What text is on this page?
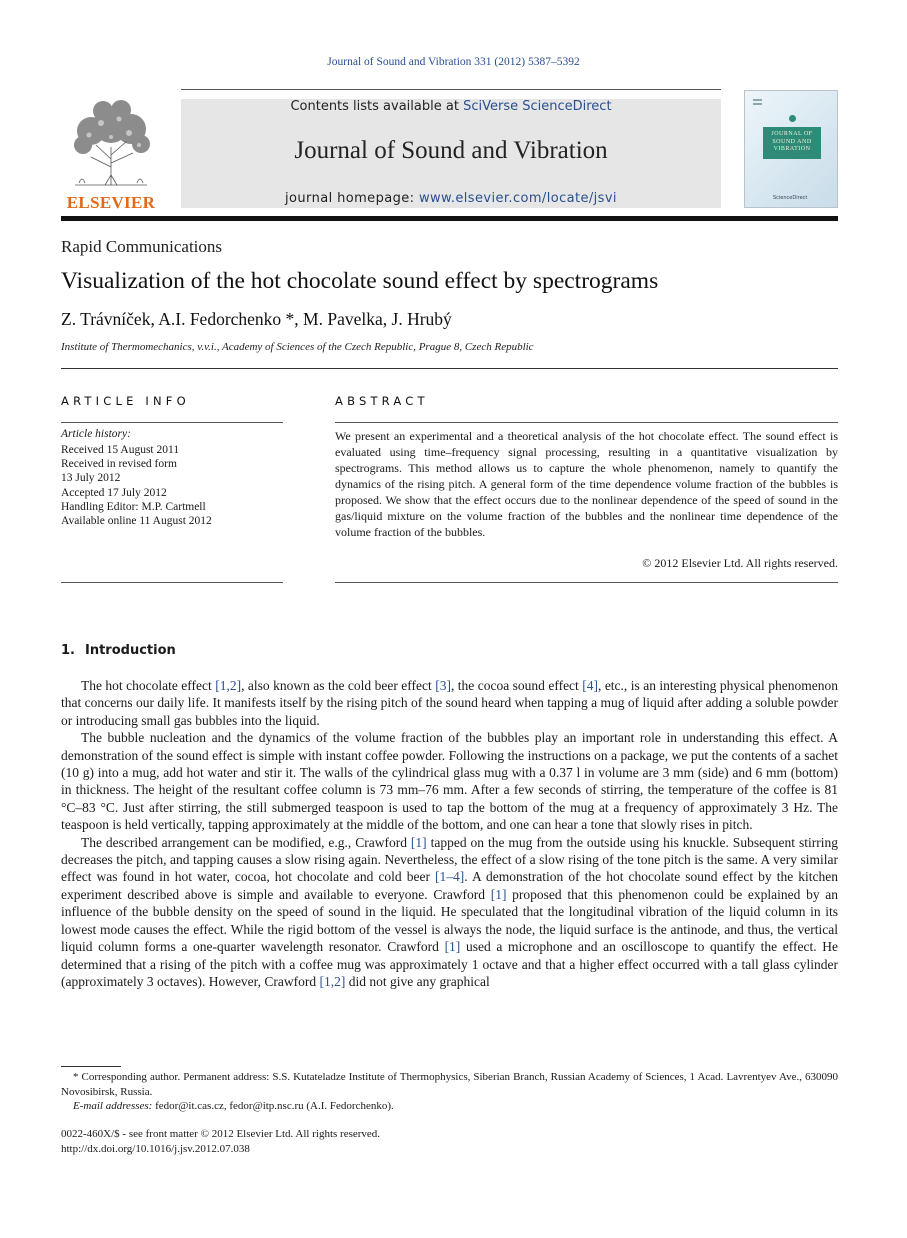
Journal of Sound and Vibration 331 (2012) 5387–5392
ELSEVIER
Contents lists available at SciVerse ScienceDirect
Journal of Sound and Vibration
journal homepage: www.elsevier.com/locate/jsvi
JOURNAL OF
SOUND AND
VIBRATION
ScienceDirect
Rapid Communications
Visualization of the hot chocolate sound effect by spectrograms
Z. Trávníček, A.I. Fedorchenko *, M. Pavelka, J. Hrubý
Institute of Thermomechanics, v.v.i., Academy of Sciences of the Czech Republic, Prague 8, Czech Republic
ARTICLE INFO
Article history:
Received 15 August 2011
Received in revised form
13 July 2012
Accepted 17 July 2012
Handling Editor: M.P. Cartmell
Available online 11 August 2012
ABSTRACT
We present an experimental and a theoretical analysis of the hot chocolate effect. The sound effect is evaluated using time–frequency signal processing, resulting in a quantitative visualization by spectrograms. This method allows us to capture the whole phenomenon, namely to quantify the dynamics of the rising pitch. A general form of the time dependence volume fraction of the bubbles is proposed. We show that the effect occurs due to the nonlinear dependence of the speed of sound in the gas/liquid mixture on the volume fraction of the bubbles and the nonlinear time dependence of the volume fraction of the bubbles.
© 2012 Elsevier Ltd. All rights reserved.
1. Introduction

The hot chocolate effect [1,2], also known as the cold beer effect [3], the cocoa sound effect [4], etc., is an interesting physical phenomenon that concerns our daily life. It manifests itself by the rising pitch of the sound heard when tapping a mug of liquid after adding a soluble powder or introducing small gas bubbles into the liquid.

The bubble nucleation and the dynamics of the volume fraction of the bubbles play an important role in understanding this effect. A demonstration of the sound effect is simple with instant coffee powder. Following the instructions on a package, we put the contents of a sachet (10 g) into a mug, add hot water and stir it. The walls of the cylindrical glass mug with a 0.37 l in volume are 3 mm (side) and 6 mm (bottom) in thickness. The height of the resultant coffee column is 73 mm–76 mm. After a few seconds of stirring, the temperature of the coffee is 81 °C–83 °C. Just after stirring, the still submerged teaspoon is used to tap the bottom of the mug at a frequency of approximately 3 Hz. The teaspoon is held vertically, tapping approximately at the middle of the bottom, and one can hear a tone that slowly rises in pitch.

The described arrangement can be modified, e.g., Crawford [1] tapped on the mug from the outside using his knuckle. Subsequent stirring decreases the pitch, and tapping causes a slow rising again. Nevertheless, the effect of a slow rising of the tone pitch is the same. A very similar effect was found in hot water, cocoa, hot chocolate and cold beer [1–4]. A demonstration of the hot chocolate sound effect by the kitchen experiment described above is simple and available to everyone. Crawford [1] proposed that this phenomenon could be explained by an influence of the bubble density on the speed of sound in the liquid. He speculated that the longitudinal vibration of the liquid column in its lowest mode causes the effect. While the rigid bottom of the vessel is always the node, the liquid surface is the antinode, and thus, the vertical liquid column forms a one-quarter wavelength resonator. Crawford [1] used a microphone and an oscilloscope to quantify the effect. He determined that a rising of the pitch with a coffee mug was approximately 1 octave and that a higher effect occurred with a tall glass cylinder (approximately 3 octaves). However, Crawford [1,2] did not give any graphical

* Corresponding author. Permanent address: S.S. Kutateladze Institute of Thermophysics, Siberian Branch, Russian Academy of Sciences, 1 Acad. Lavrentyev Ave., 630090 Novosibirsk, Russia.

E-mail addresses: fedor@it.cas.cz, fedor@itp.nsc.ru (A.I. Fedorchenko).

0022-460X/$ - see front matter © 2012 Elsevier Ltd. All rights reserved.
http://dx.doi.org/10.1016/j.jsv.2012.07.038
